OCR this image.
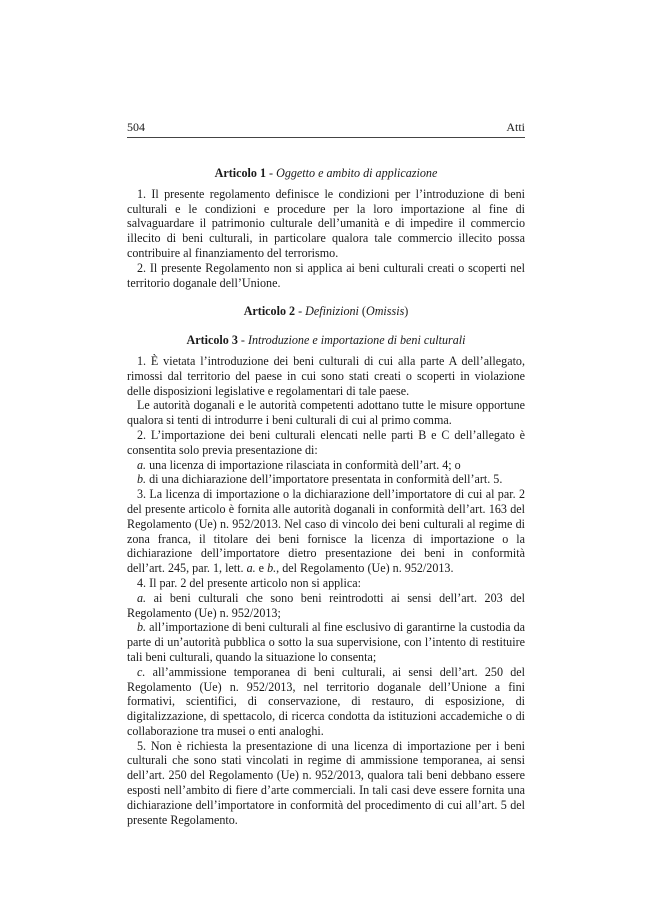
504	Atti
Articolo 1 - Oggetto e ambito di applicazione

1. Il presente regolamento definisce le condizioni per l’introduzione di beni culturali e le condizioni e procedure per la loro importazione al fine di salvaguardare il patrimonio culturale dell’umanità e di impedire il commercio illecito di beni culturali, in particolare qualora tale commercio illecito possa contribuire al finanziamento del terrorismo.

2. Il presente Regolamento non si applica ai beni culturali creati o scoperti nel territorio doganale dell’Unione.

Articolo 2 - Definizioni (Omissis)
Articolo 3 - Introduzione e importazione di beni culturali

1. È vietata l’introduzione dei beni culturali di cui alla parte A dell’allegato, rimossi dal territorio del paese in cui sono stati creati o scoperti in violazione delle disposizioni legislative e regolamentari di tale paese.

Le autorità doganali e le autorità competenti adottano tutte le misure opportune qualora si tenti di introdurre i beni culturali di cui al primo comma.

2. L’importazione dei beni culturali elencati nelle parti B e C dell’allegato è consentita solo previa presentazione di:

a. una licenza di importazione rilasciata in conformità dell’art. 4; o

b. di una dichiarazione dell’importatore presentata in conformità dell’art. 5.

3. La licenza di importazione o la dichiarazione dell’importatore di cui al par. 2 del presente articolo è fornita alle autorità doganali in conformità dell’art. 163 del Regolamento (Ue) n. 952/2013. Nel caso di vincolo dei beni culturali al regime di zona franca, il titolare dei beni fornisce la licenza di importazione o la dichiarazione dell’importatore dietro presentazione dei beni in conformità dell’art. 245, par. 1, lett. a. e b., del Regolamento (Ue) n. 952/2013.

4. Il par. 2 del presente articolo non si applica:

a. ai beni culturali che sono beni reintrodotti ai sensi dell’art. 203 del Regolamento (Ue) n. 952/2013;

b. all’importazione di beni culturali al fine esclusivo di garantirne la custodia da parte di un’autorità pubblica o sotto la sua supervisione, con l’intento di restituire tali beni culturali, quando la situazione lo consenta;

c. all’ammissione temporanea di beni culturali, ai sensi dell’art. 250 del Regolamento (Ue) n. 952/2013, nel territorio doganale dell’Unione a fini formativi, scientifici, di conservazione, di restauro, di esposizione, di digitalizzazione, di spettacolo, di ricerca condotta da istituzioni accademiche o di collaborazione tra musei o enti analoghi.

5. Non è richiesta la presentazione di una licenza di importazione per i beni culturali che sono stati vincolati in regime di ammissione temporanea, ai sensi dell’art. 250 del Regolamento (Ue) n. 952/2013, qualora tali beni debbano essere esposti nell’ambito di fiere d’arte commerciali. In tali casi deve essere fornita una dichiarazione dell’importatore in conformità del procedimento di cui all’art. 5 del presente Regolamento.
